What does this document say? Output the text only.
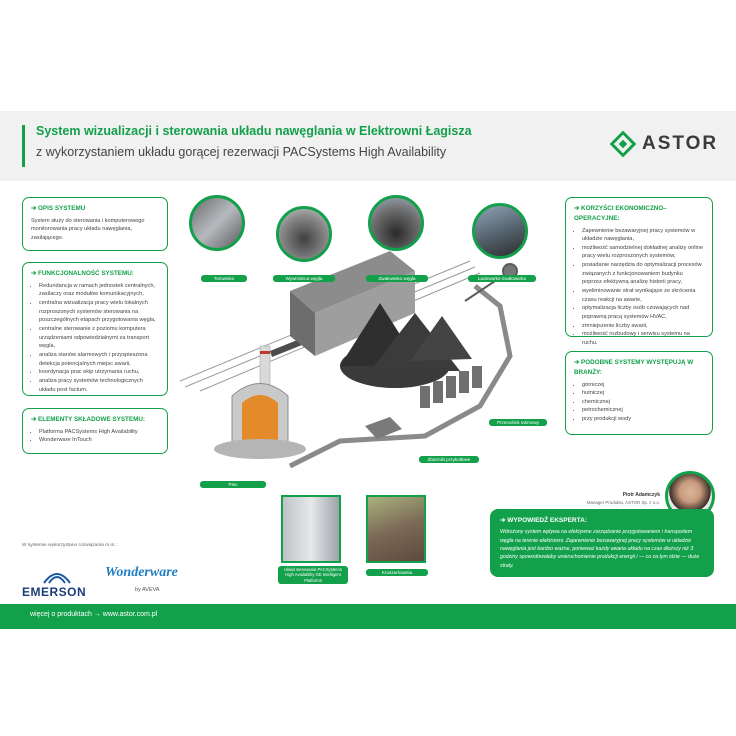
System wizualizacji i sterowania układu nawęglania w Elektrowni Łagisza
z wykorzystaniem układu gorącej rezerwacji PACSystems High Availability	ASTOR
➔ OPIS SYSTEMU
System służy do sterowania i komputerowego monitorowania pracy układu nawęglania, zasilającego.
➔ FUNKCJONALNOŚĆ SYSTEMU:
• Redundancja w ramach jednostek centralnych, zasilaczy oraz modułów komunikacyjnych,
• centralna wizualizacja pracy wielu lokalnych rozproszonych systemów sterowania na poszczególnych etapach przygotowania węgla,
• centralne sterowanie z poziomu komputera urządzeniami odpowiedzialnymi za transport węgla,
• analiza stanów alarmowych i przyspieszona detekcja potencjalnych miejsc awarii,
• koordynacja prac ekip utrzymania ruchu,
• analiza pracy systemów technologicznych układu post factum.
➔ ELEMENTY SKŁADOWE SYSTEMU:
• Platforma PACSystems High Availability
• Wonderware InTouch
➔ KORZYŚCI EKONOMICZNO–OPERACYJNE:
• Zapewnienie bezawaryjnej pracy systemów w układzie nawęglania,
• możliwość samodzielnej dokładnej analizy online pracy wielu rozproszonych systemów,
• posiadanie narzędzia do optymalizacji procesów związanych z funkcjonowaniem budynku poprzez efektywną analizę historii pracy,
• wyeliminowanie strat wynikające ze skrócenia czasu reakcji na awarie,
• optymalizacja liczby osób czuwających nad poprawną pracą systemów HVAC,
• zmniejszenie liczby awarii,
• możliwość rozbudowy i serwisu systemu na ruchu.
➔ PODOBNE SYSTEMY WYSTĘPUJĄ W BRANŻY:
• górniczej
• hutniczej
• chemicznej
• petrochemicznej
• przy produkcji wody
Torowisko	Wywrotnica węgla	Zwałowisko węgla	Ładowarko-zwałowarka
Przenośnik taśmowy
Zbiorniki przykotłowe
Piec
Układ sterowania PACSystems High Availability GE Intelligent Platforms
Kruszarkownia
W systemie wykorzystano rozwiązania m.in.:
EMERSON
Wonderware
by AVEVA
Piotr Adamczyk
Manager Produktu, ASTOR Sp. z o.o.
➔ WYPOWIEDŹ EKSPERTA:
Wdrożony system wpływa na efektywne zarządzanie przygotowaniem i transportem węgla na terenie elektrowni. Zapewnienie bezawaryjnej pracy systemów w układzie nawęglania jest bardzo ważne, ponieważ każdy awaria układu na czas dłuższy niż 3 godziny spowodowałaby unieruchomienie produkcji energii i — co za tym idzie — duże straty.
więcej o produktach → www.astor.com.pl
